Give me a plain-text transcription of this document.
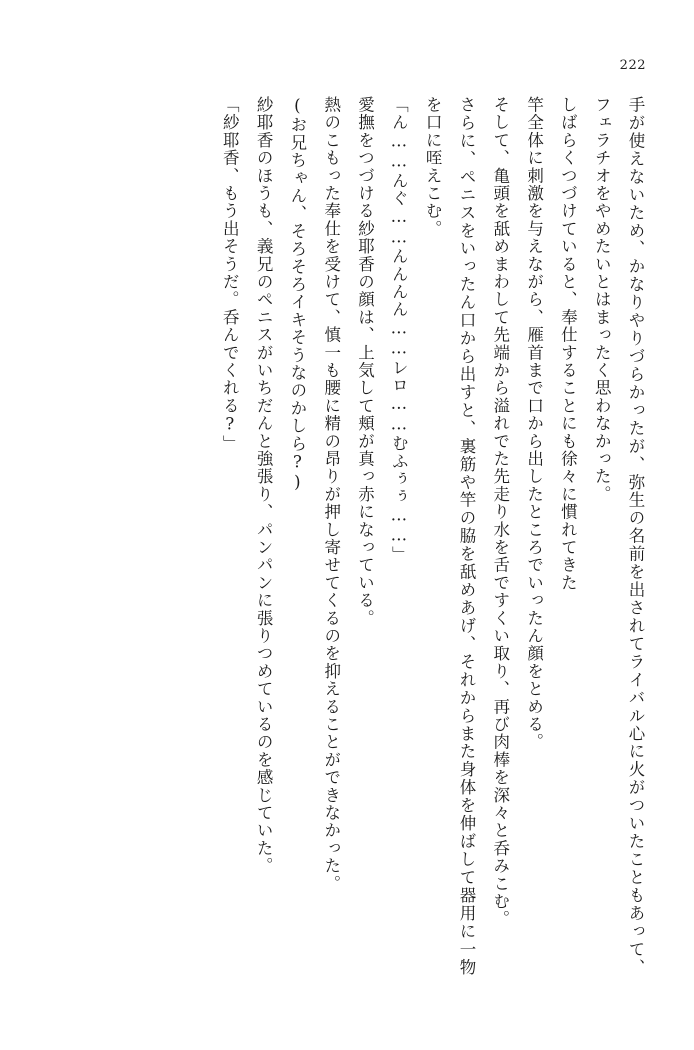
222

手が使えないため、かなりやりづらかったが、弥生の名前を出されてライバル心に火がついたこともあって、フェラチオをやめたいとはまったく思わなかった。

しばらくつづけていると、奉仕することにも徐々に慣れてきた

竿全体に刺激を与えながら、雁首まで口から出したところでいったん顔をとめる。

そして、亀頭を舐めまわして先端から溢れでた先走り水を舌ですくい取り、再び肉棒を深々と呑みこむ。

さらに、ペニスをいったん口から出すと、裏筋や竿の脇を舐めあげ、それからまた身体を伸ばして器用に一物を口に咥えこむ。

「ん……んぐ……んんんん……レロ……むふぅぅ……」

愛撫をつづける紗耶香の顔は、上気して頬が真っ赤になっている。

熱のこもった奉仕を受けて、慎一も腰に精の昂りが押し寄せてくるのを抑えることができなかった。

(お兄ちゃん、そろそろイキそうなのかしら?)

紗耶香のほうも、義兄のペニスがいちだんと強張り、パンパンに張りつめているのを感じていた。

「紗耶香、もう出そうだ。呑んでくれる?」
